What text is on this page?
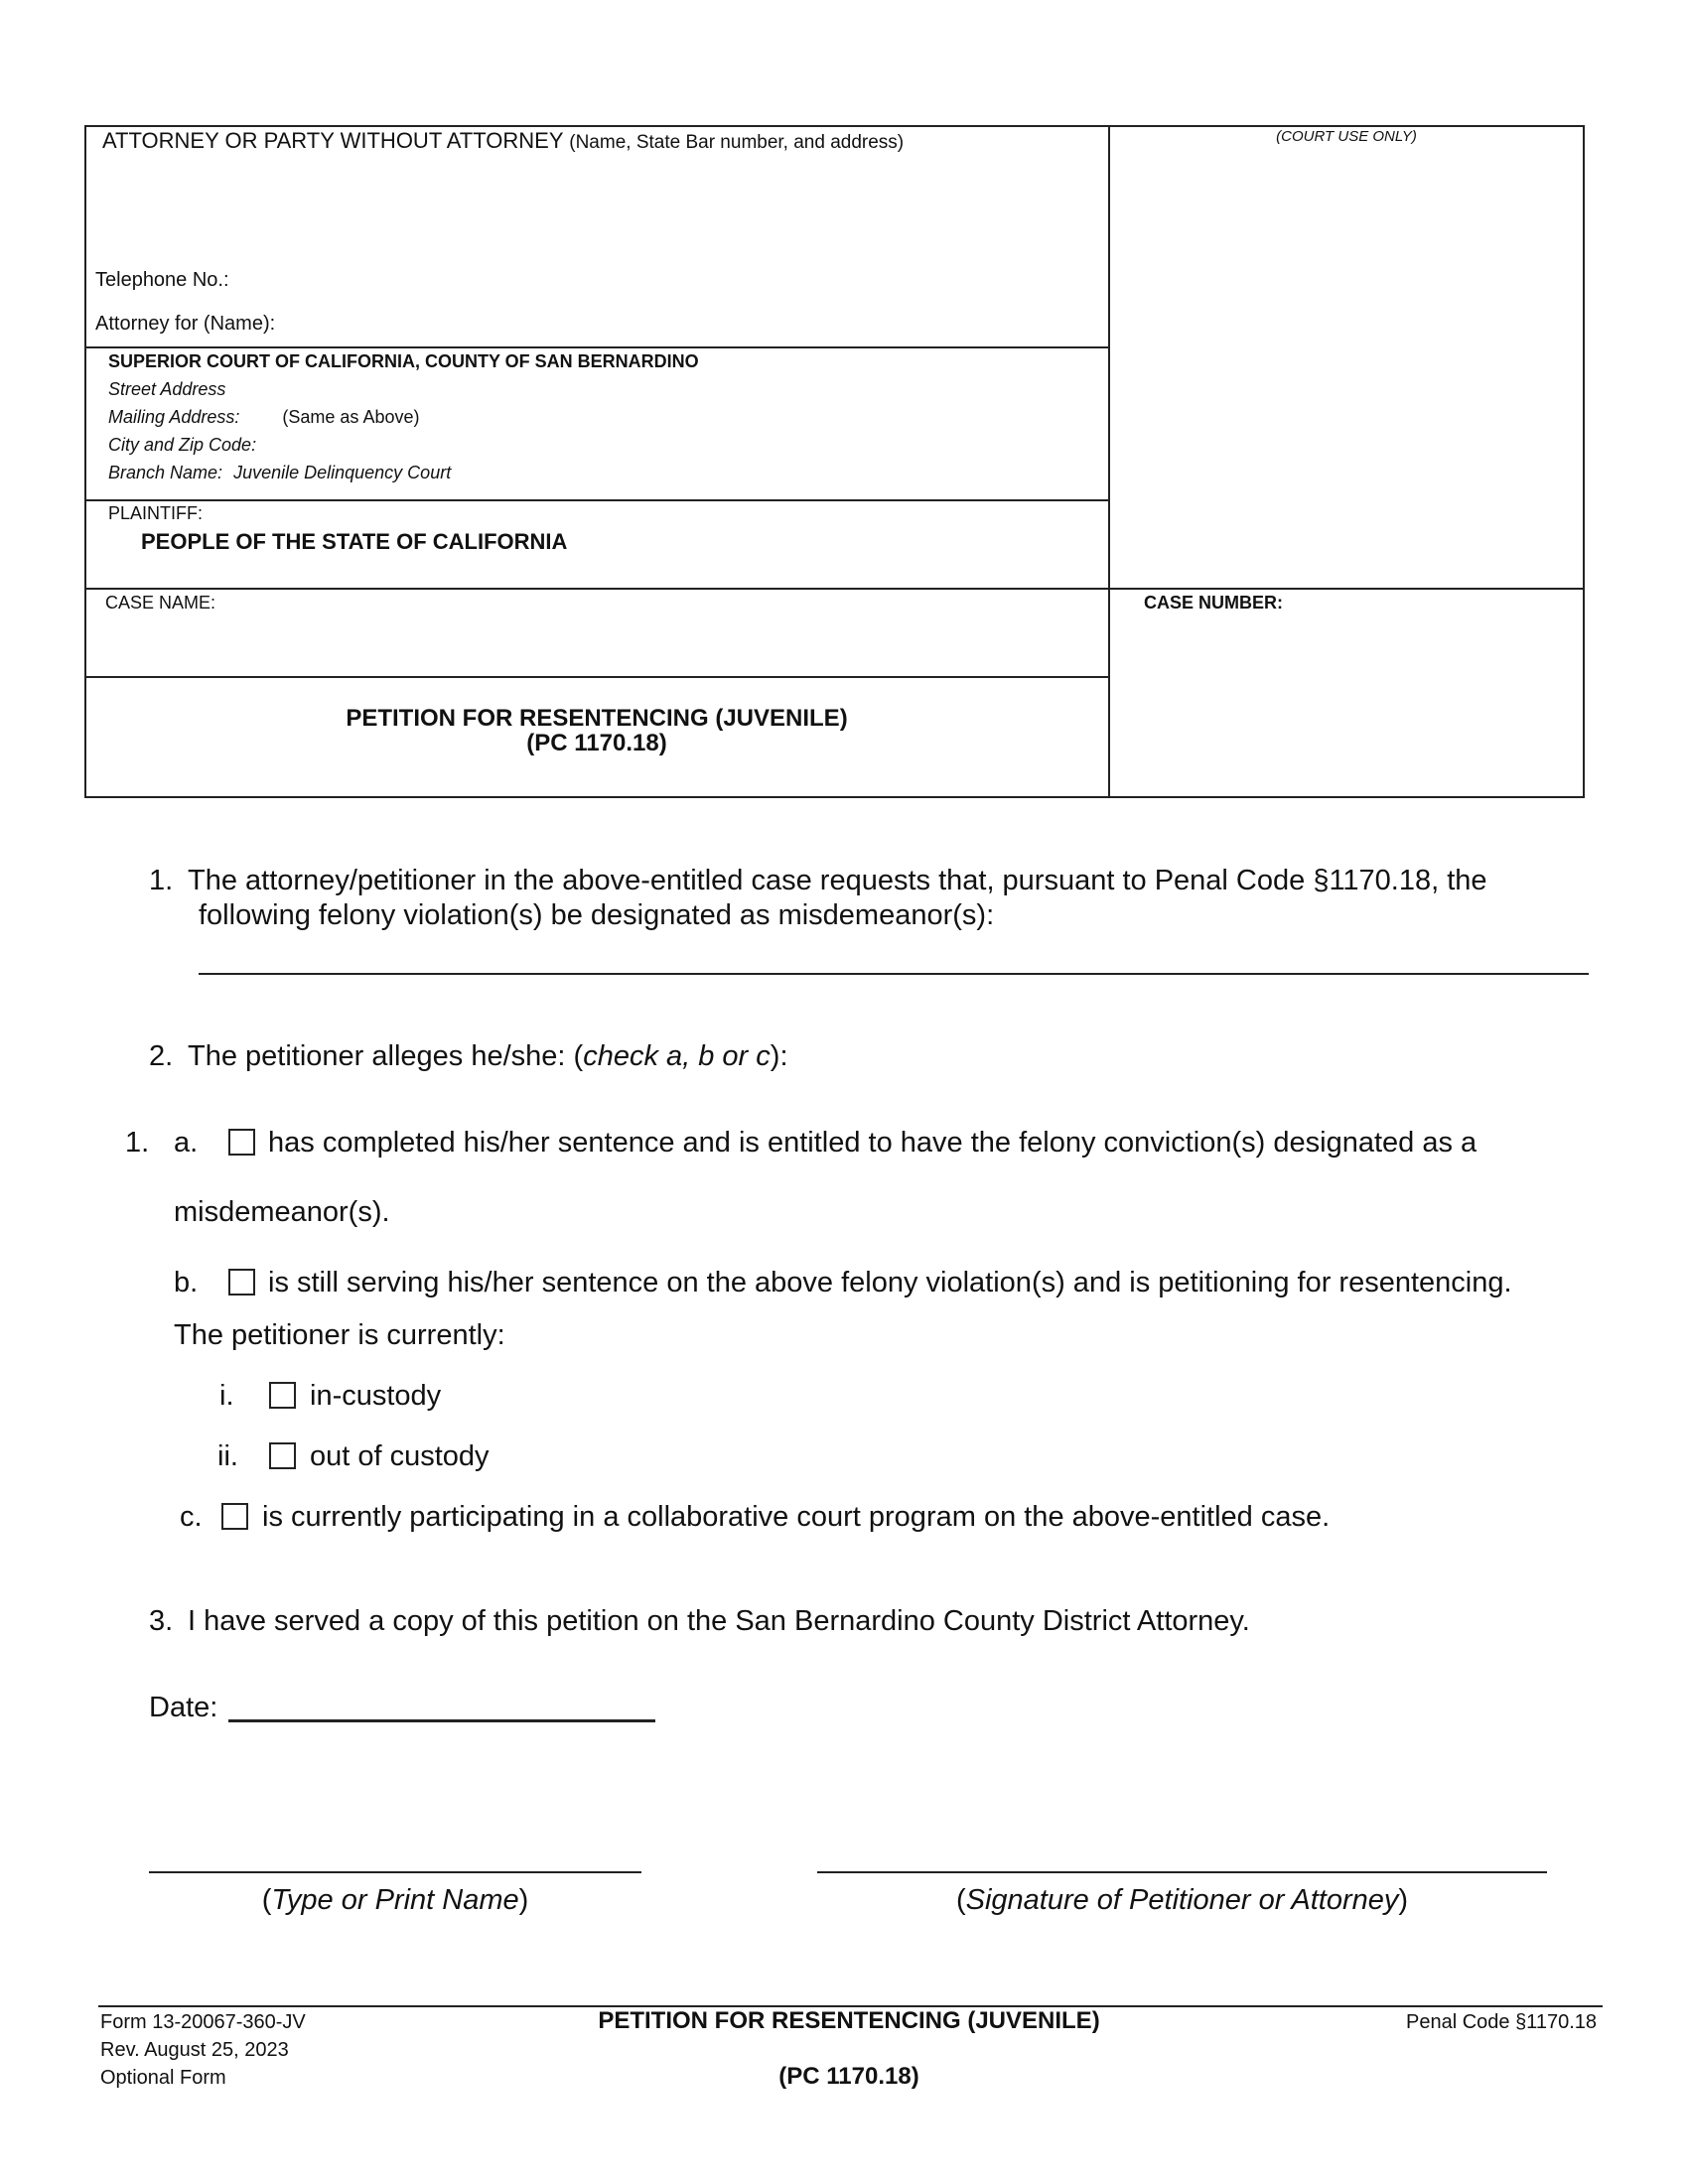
ATTORNEY OR PARTY WITHOUT ATTORNEY (Name, State Bar number, and address)
Telephone No.:
Attorney for (Name):
(COURT USE ONLY)
SUPERIOR COURT OF CALIFORNIA, COUNTY OF SAN BERNARDINO
Street Address
Mailing Address: (Same as Above)
City and Zip Code:
Branch Name: Juvenile Delinquency Court
PLAINTIFF:
PEOPLE OF THE STATE OF CALIFORNIA
CASE NAME:	CASE NUMBER:
PETITION FOR RESENTENCING (JUVENILE)
(PC 1170.18)
1. The attorney/petitioner in the above-entitled case requests that, pursuant to Penal Code §1170.18, the
following felony violation(s) be designated as misdemeanor(s):
2. The petitioner alleges he/she: (check a, b or c):
1. a. has completed his/her sentence and is entitled to have the felony conviction(s) designated as a
misdemeanor(s).
b. is still serving his/her sentence on the above felony violation(s) and is petitioning for resentencing.
The petitioner is currently:
i.	in-custody
ii. out of custody
c. is currently participating in a collaborative court program on the above-entitled case.
3. I have served a copy of this petition on the San Bernardino County District Attorney.
Date:
(Type or Print Name)	(Signature of Petitioner or Attorney)
Form 13-20067-360-JV
Rev. August 25, 2023
Optional Form
PETITION FOR RESENTENCING (JUVENILE)
(PC 1170.18)
Penal Code §1170.18
